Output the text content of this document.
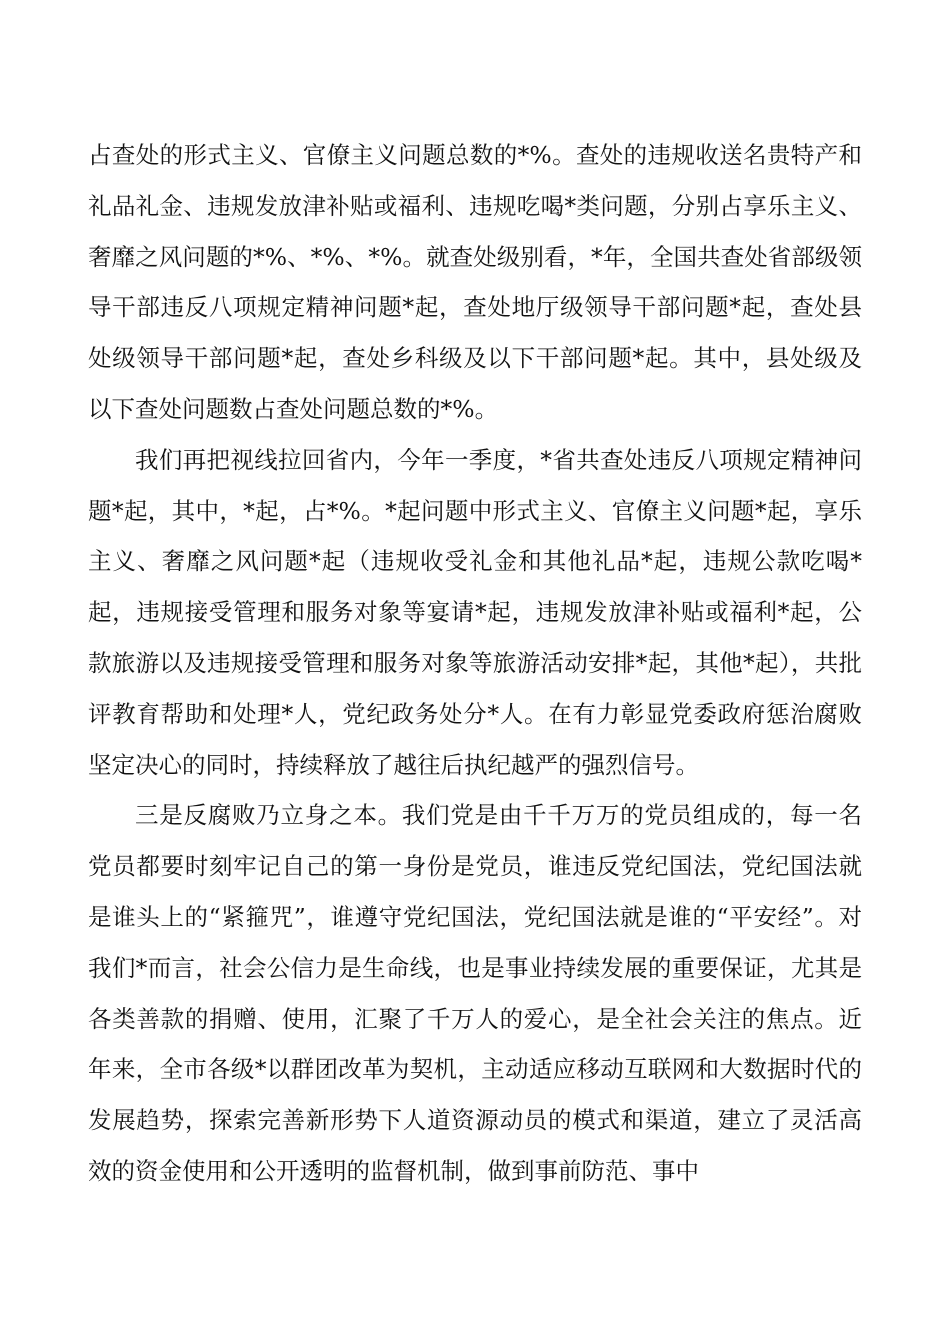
占查处的形式主义、官僚主义问题总数的*%。查处的违规收送名贵特产和礼品礼金、违规发放津补贴或福利、违规吃喝*类问题，分别占享乐主义、奢靡之风问题的*%、*%、*%。就查处级别看，*年，全国共查处省部级领导干部违反八项规定精神问题*起，查处地厅级领导干部问题*起，查处县处级领导干部问题*起，查处乡科级及以下干部问题*起。其中，县处级及以下查处问题数占查处问题总数的*%。

我们再把视线拉回省内，今年一季度，*省共查处违反八项规定精神问题*起，其中，*起，占*%。*起问题中形式主义、官僚主义问题*起，享乐主义、奢靡之风问题*起（违规收受礼金和其他礼品*起，违规公款吃喝*起，违规接受管理和服务对象等宴请*起，违规发放津补贴或福利*起，公款旅游以及违规接受管理和服务对象等旅游活动安排*起，其他*起），共批评教育帮助和处理*人，党纪政务处分*人。在有力彰显党委政府惩治腐败坚定决心的同时，持续释放了越往后执纪越严的强烈信号。

三是反腐败乃立身之本。我们党是由千千万万的党员组成的，每一名党员都要时刻牢记自己的第一身份是党员，谁违反党纪国法，党纪国法就是谁头上的“紧箍咒”，谁遵守党纪国法，党纪国法就是谁的“平安经”。对我们*而言，社会公信力是生命线，也是事业持续发展的重要保证，尤其是各类善款的捐赠、使用，汇聚了千万人的爱心，是全社会关注的焦点。近年来，全市各级*以群团改革为契机，主动适应移动互联网和大数据时代的发展趋势，探索完善新形势下人道资源动员的模式和渠道，建立了灵活高效的资金使用和公开透明的监督机制，做到事前防范、事中
